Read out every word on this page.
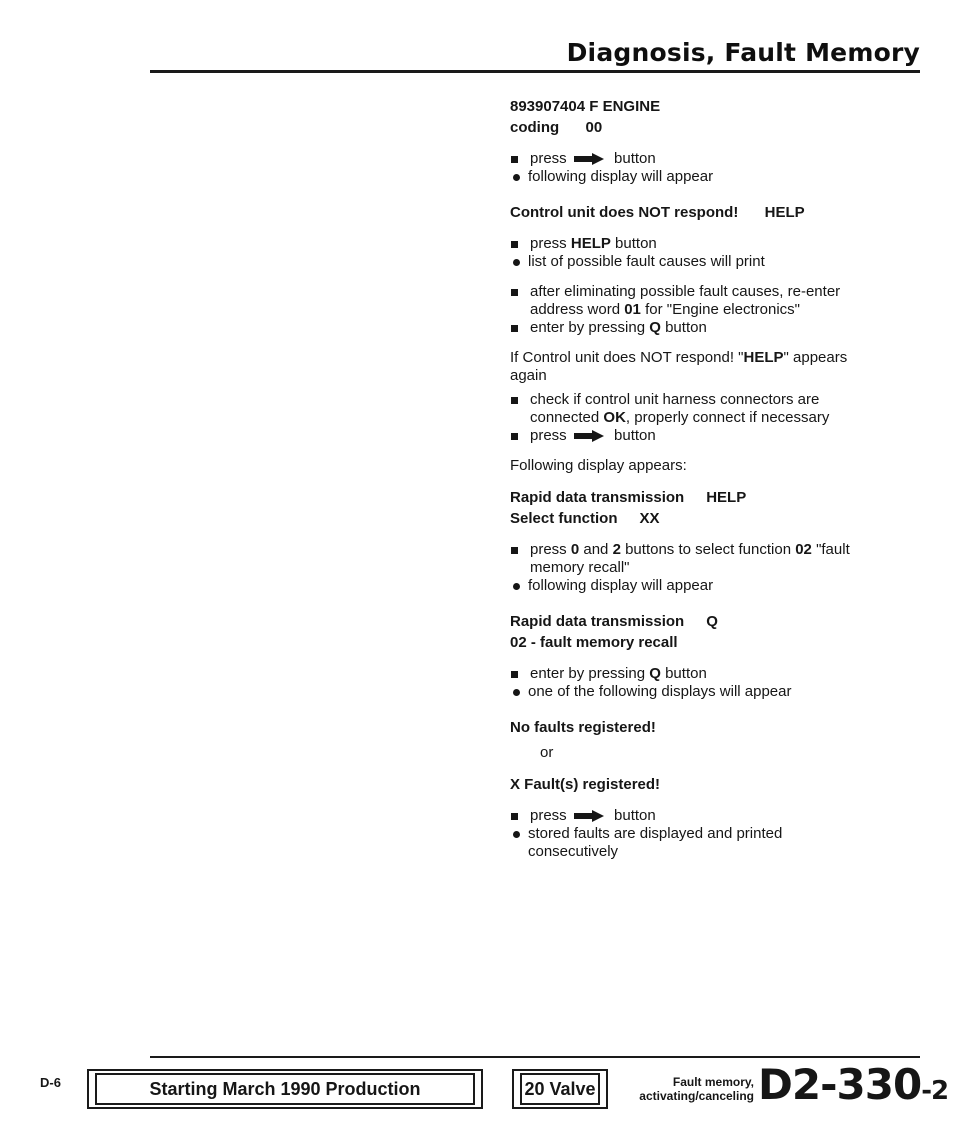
Diagnosis, Fault Memory
893907404 F ENGINE
coding 00
press	button
following display will appear
Control unit does NOT respond! HELP
press HELP button
list of possible fault causes will print
after eliminating possible fault causes, re-enter
address word 01 for "Engine electronics"
enter by pressing Q button
If Control unit does NOT respond! "HELP" appears
again
check if control unit harness connectors are
connected OK, properly connect if necessary
press	button
Following display appears:
Rapid data transmission HELP
Select function XX
press 0 and 2 buttons to select function 02 "fault
memory recall"
following display will appear
Rapid data transmission Q
02 - fault memory recall
enter by pressing Q button
one of the following displays will appear
No faults registered!
or
X Fault(s) registered!
press	button
stored faults are displayed and printed
consecutively
D-6	Starting March 1990 Production	20 Valve	Fault memory,
activating/canceling D2-330-2
